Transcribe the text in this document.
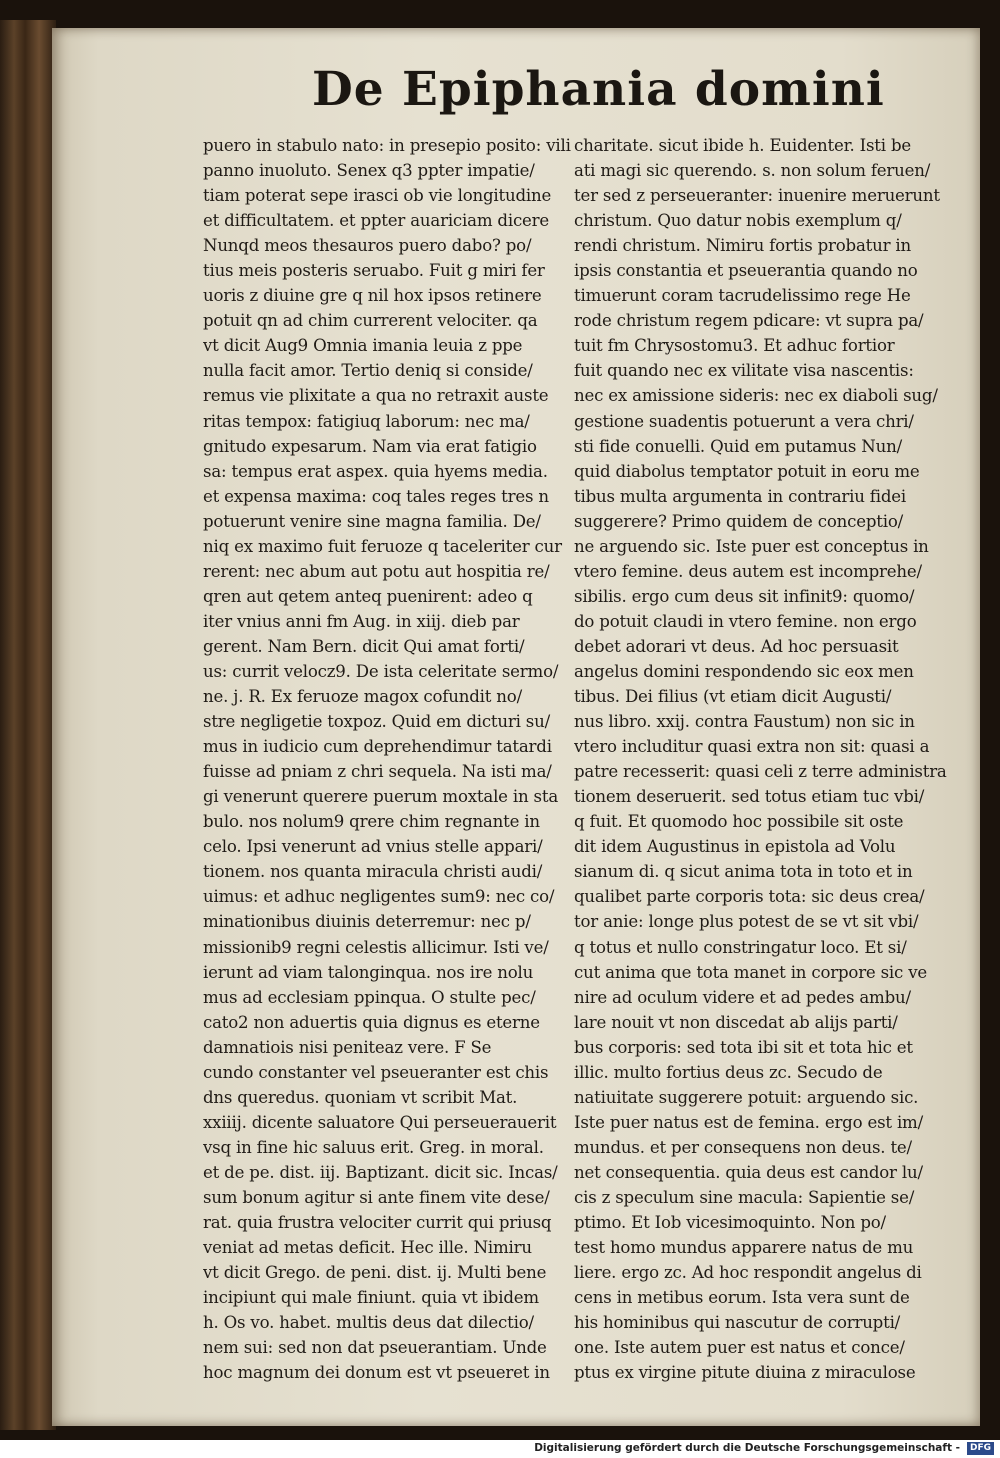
De Epiphania domini
puero in stabulo nato: in presepio posito: vili
panno inuoluto. Senex q3 ppter impatie/
tiam poterat sepe irasci ob vie longitudine
et difficultatem. et ppter auariciam dicere
Nunqd meos thesauros puero dabo? po/
tius meis posteris seruabo. Fuit g miri fer
uoris z diuine gre q nil hox ipsos retinere
potuit qn ad chim currerent velociter. qa
vt dicit Aug9 Omnia imania leuia z ppe
nulla facit amor. Tertio deniq si conside/
remus vie plixitate a qua no retraxit auste
ritas tempox: fatigiuq laborum: nec ma/
gnitudo expesarum. Nam via erat fatigio
sa: tempus erat aspex. quia hyems media.
et expensa maxima: coq tales reges tres n
potuerunt venire sine magna familia. De/
niq ex maximo fuit feruoze q taceleriter cur
rerent: nec abum aut potu aut hospitia re/
qren aut qetem anteq puenirent: adeo q
iter vnius anni fm Aug. in xiij. dieb par
gerent. Nam Bern. dicit Qui amat forti/
us: currit velocz9. De ista celeritate sermo/
ne. j. R. Ex feruoze magox cofundit no/
stre negligetie toxpoz. Quid em dicturi su/
mus in iudicio cum deprehendimur tatardi
fuisse ad pniam z chri sequela. Na isti ma/
gi venerunt querere puerum moxtale in sta
bulo. nos nolum9 qrere chim regnante in
celo. Ipsi venerunt ad vnius stelle appari/
tionem. nos quanta miracula christi audi/
uimus: et adhuc negligentes sum9: nec co/
minationibus diuinis deterremur: nec p/
missionib9 regni celestis allicimur. Isti ve/
ierunt ad viam talonginqua. nos ire nolu
mus ad ecclesiam ppinqua. O stulte pec/
cato2 non aduertis quia dignus es eterne
damnatiois nisi peniteaz vere. F Se
cundo constanter vel pseueranter est chis
dns queredus. quoniam vt scribit Mat.
xxiiij. dicente saluatore Qui perseuerauerit
vsq in fine hic saluus erit. Greg. in moral.
et de pe. dist. iij. Baptizant. dicit sic. Incas/
sum bonum agitur si ante finem vite dese/
rat. quia frustra velociter currit qui priusq
veniat ad metas deficit. Hec ille. Nimiru
vt dicit Grego. de peni. dist. ij. Multi bene
incipiunt qui male finiunt. quia vt ibidem
h. Os vo. habet. multis deus dat dilectio/
nem sui: sed non dat pseuerantiam. Unde
hoc magnum dei donum est vt pseueret in
charitate. sicut ibide h. Euidenter. Isti be
ati magi sic querendo. s. non solum feruen/
ter sed z perseueranter: inuenire meruerunt
christum. Quo datur nobis exemplum q/
rendi christum. Nimiru fortis probatur in
ipsis constantia et pseuerantia quando no
timuerunt coram tacrudelissimo rege He
rode christum regem pdicare: vt supra pa/
tuit fm Chrysostomu3. Et adhuc fortior
fuit quando nec ex vilitate visa nascentis:
nec ex amissione sideris: nec ex diaboli sug/
gestione suadentis potuerunt a vera chri/
sti fide conuelli. Quid em putamus Nun/
quid diabolus temptator potuit in eoru me
tibus multa argumenta in contrariu fidei
suggerere? Primo quidem de conceptio/
ne arguendo sic. Iste puer est conceptus in
vtero femine. deus autem est incomprehe/
sibilis. ergo cum deus sit infinit9: quomo/
do potuit claudi in vtero femine. non ergo
debet adorari vt deus. Ad hoc persuasit
angelus domini respondendo sic eox men
tibus. Dei filius (vt etiam dicit Augusti/
nus libro. xxij. contra Faustum) non sic in
vtero includitur quasi extra non sit: quasi a
patre recesserit: quasi celi z terre administra
tionem deseruerit. sed totus etiam tuc vbi/
q fuit. Et quomodo hoc possibile sit oste
dit idem Augustinus in epistola ad Volu
sianum di. q sicut anima tota in toto et in
qualibet parte corporis tota: sic deus crea/
tor anie: longe plus potest de se vt sit vbi/
q totus et nullo constringatur loco. Et si/
cut anima que tota manet in corpore sic ve
nire ad oculum videre et ad pedes ambu/
lare nouit vt non discedat ab alijs parti/
bus corporis: sed tota ibi sit et tota hic et
illic. multo fortius deus zc. Secudo de
natiuitate suggerere potuit: arguendo sic.
Iste puer natus est de femina. ergo est im/
mundus. et per consequens non deus. te/
net consequentia. quia deus est candor lu/
cis z speculum sine macula: Sapientie se/
ptimo. Et Iob vicesimoquinto. Non po/
test homo mundus apparere natus de mu
liere. ergo zc. Ad hoc respondit angelus di
cens in metibus eorum. Ista vera sunt de
his hominibus qui nascutur de corrupti/
one. Iste autem puer est natus et conce/
ptus ex virgine pitute diuina z miraculose
Digitalisierung gefördert durch die Deutsche Forschungsgemeinschaft -	DFG
